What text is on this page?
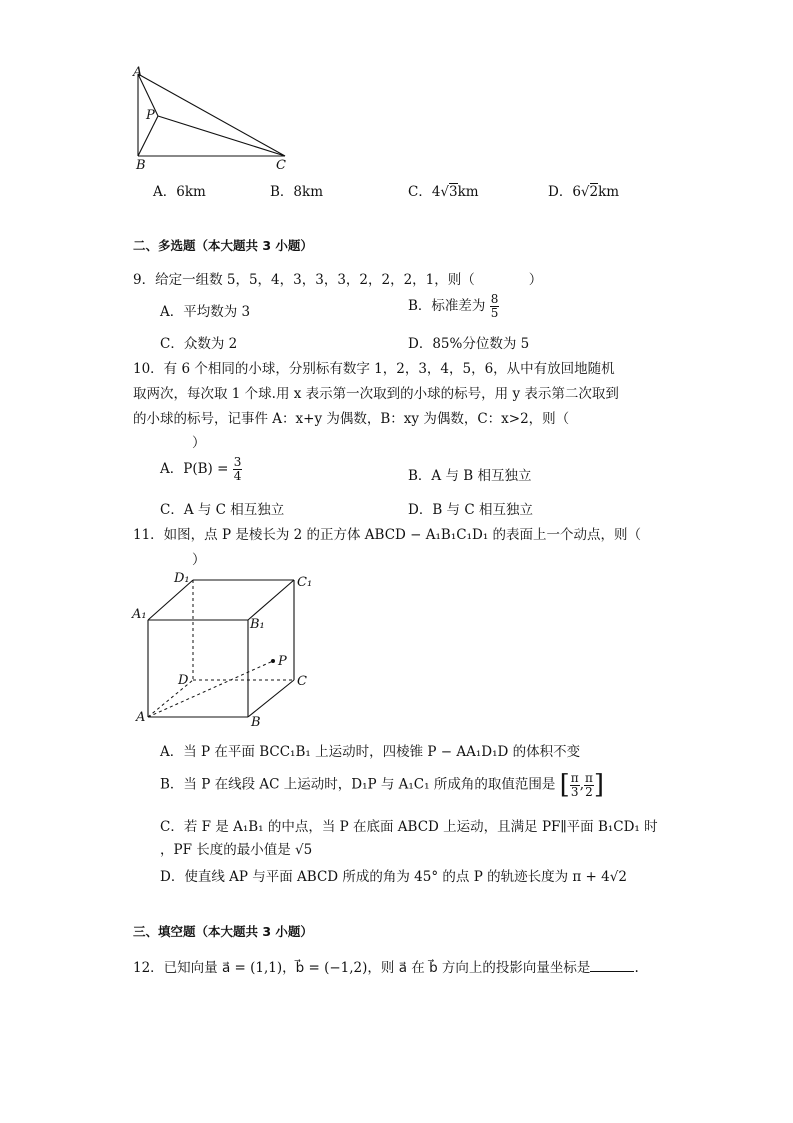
A
P
B	C
A．6km	B．8km	C．4√3km	D．6√2km
二、多选题（本大题共 3 小题）
9．给定一组数 5，5，4，3，3，3，2，2，2，1，则（　　　　）
A．平均数为 3	B．标准差为 $\frac{8}{5}$
C．众数为 2	D．85%分位数为 5
10．有 6 个相同的小球，分别标有数字 1，2，3，4，5，6，从中有放回地随机
取两次，每次取 1 个球.用 x 表示第一次取到的小球的标号，用 y 表示第二次取到
的小球的标号，记事件 A：x+y 为偶数，B：xy 为偶数，C：x>2，则（
）
A．$P(B) = \frac{3}{4}$	B．A 与 B 相互独立
C．A 与 C 相互独立	D．B 与 C 相互独立
11．如图，点 P 是棱长为 2 的正方体 ABCD − A₁B₁C₁D₁ 的表面上一个动点，则（
）
D₁	C₁
A₁
B₁
P
D	C
A	B
A．当 P 在平面 BCC₁B₁ 上运动时，四棱锥 P − AA₁D₁D 的体积不变
B．当 P 在线段 AC 上运动时，D₁P 与 A₁C₁ 所成角的取值范围是 [ $\frac{\pi}{3}$ , $\frac{\pi}{2}$ ]
C．若 F 是 A₁B₁ 的中点，当 P 在底面 ABCD 上运动，且满足 PF∥平面 B₁CD₁ 时
，PF 长度的最小值是 √5
D．使直线 AP 与平面 ABCD 所成的角为 45° 的点 P 的轨迹长度为 π + 4√2
三、填空题（本大题共 3 小题）
12．已知向量 a⃗ = (1,1)，b⃗ = (−1,2)，则 a⃗ 在 b⃗ 方向上的投影向量坐标是	.
